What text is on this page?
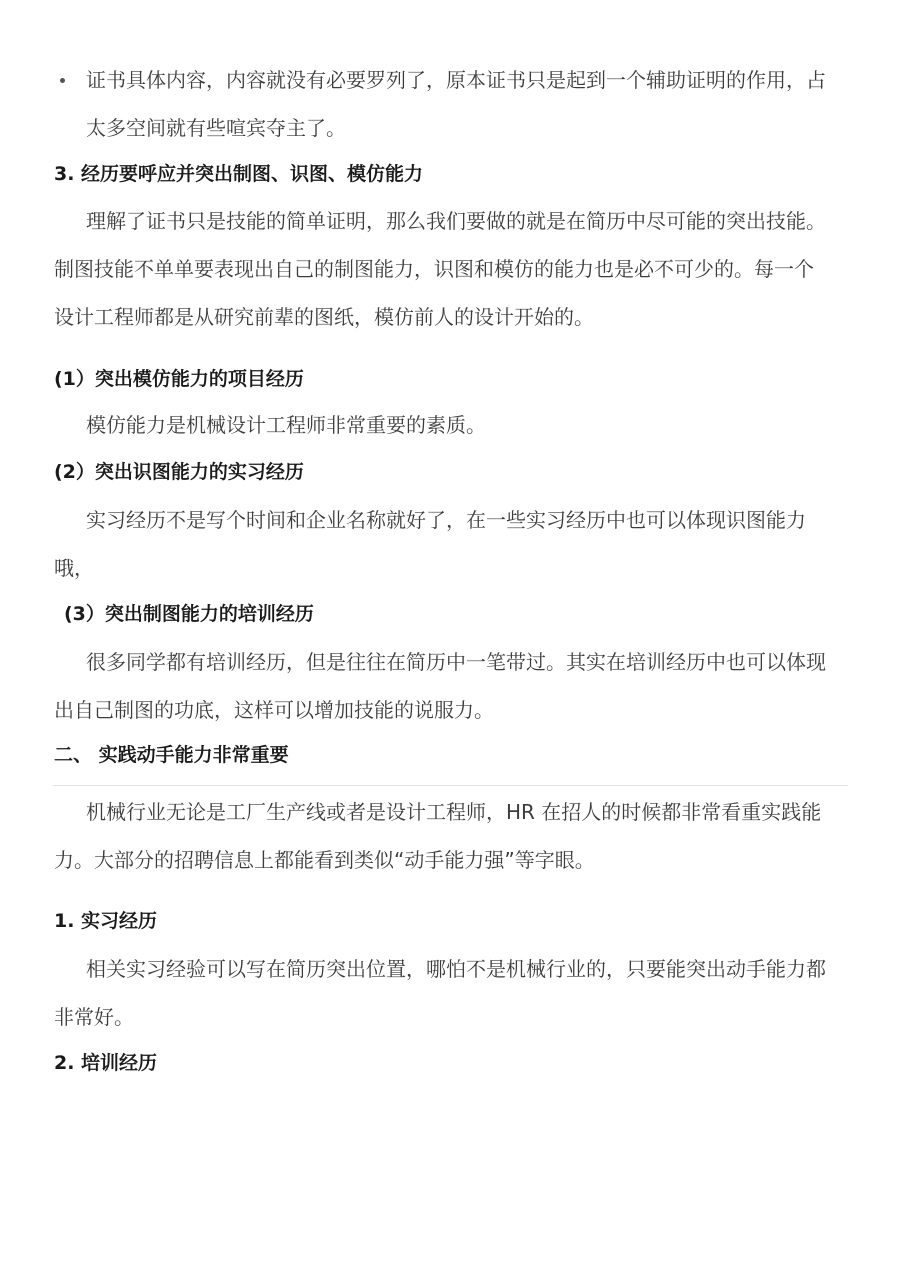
证书具体内容，内容就没有必要罗列了，原本证书只是起到一个辅助证明的作用，占
太多空间就有些喧宾夺主了。
3. 经历要呼应并突出制图、识图、模仿能力
理解了证书只是技能的简单证明，那么我们要做的就是在简历中尽可能的突出技能。
制图技能不单单要表现出自己的制图能力，识图和模仿的能力也是必不可少的。每一个
设计工程师都是从研究前辈的图纸，模仿前人的设计开始的。
(1）突出模仿能力的项目经历
模仿能力是机械设计工程师非常重要的素质。
(2）突出识图能力的实习经历
实习经历不是写个时间和企业名称就好了，在一些实习经历中也可以体现识图能力
哦，
(3）突出制图能力的培训经历
很多同学都有培训经历，但是往往在简历中一笔带过。其实在培训经历中也可以体现
出自己制图的功底，这样可以增加技能的说服力。
二、 实践动手能力非常重要
机械行业无论是工厂生产线或者是设计工程师，HR 在招人的时候都非常看重实践能
力。大部分的招聘信息上都能看到类似“动手能力强”等字眼。
1. 实习经历
相关实习经验可以写在简历突出位置，哪怕不是机械行业的，只要能突出动手能力都
非常好。
2. 培训经历
